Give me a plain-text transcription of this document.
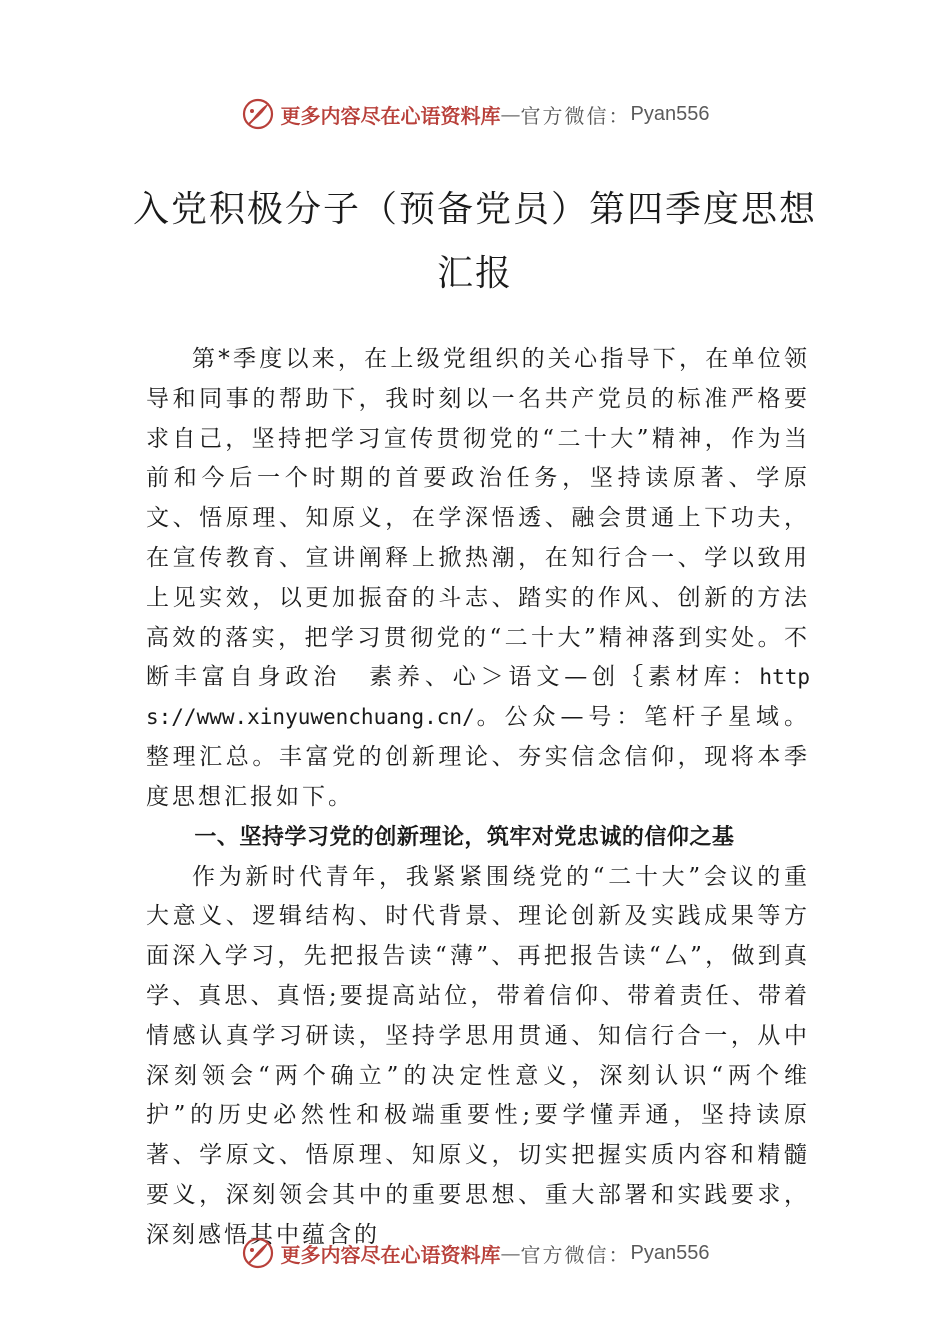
更多内容尽在心语资料库 — 官方微信： Pyan556
入党积极分子（预备党员）第四季度思想
汇报

第*季度以来，在上级党组织的关心指导下，在单位领导和同事的帮助下，我时刻以一名共产党员的标准严格要求自己，坚持把学习宣传贯彻党的“二十大”精神，作为当前和今后一个时期的首要政治任务，坚持读原著、学原文、悟原理、知原义，在学深悟透、融会贯通上下功夫，在宣传教育、宣讲阐释上掀热潮，在知行合一、学以致用上见实效，以更加振奋的斗志、踏实的作风、创新的方法高效的落实，把学习贯彻党的“二十大”精神落到实处。不断丰富自身政治　素养、心＞语文—创｛素材库：https://www.xinyuwenchuang.cn/。公众—号：笔杆子星域。整理汇总。丰富党的创新理论、夯实信念信仰，现将本季度思想汇报如下。

一、坚持学习党的创新理论，筑牢对党忠诚的信仰之基

作为新时代青年，我紧紧围绕党的“二十大”会议的重大意义、逻辑结构、时代背景、理论创新及实践成果等方面深入学习，先把报告读“薄”、再把报告读“厶”，做到真学、真思、真悟;要提高站位，带着信仰、带着责任、带着情感认真学习研读，坚持学思用贯通、知信行合一，从中深刻领会“两个确立”的决定性意义，深刻认识“两个维护”的历史必然性和极端重要性;要学懂弄通，坚持读原著、学原文、悟原理、知原义，切实把握实质内容和精髓要义，深刻领会其中的重要思想、重大部署和实践要求，深刻感悟其中蕴含的

更多内容尽在心语资料库 — 官方微信： Pyan556
